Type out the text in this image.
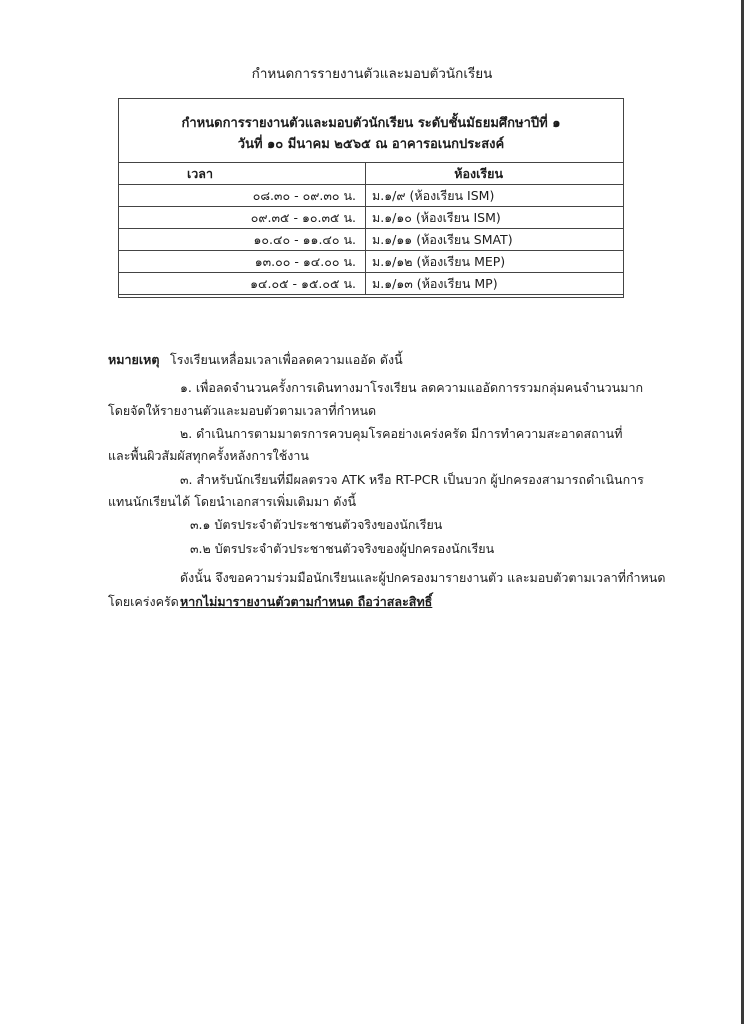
กำหนดการรายงานตัวและมอบตัวนักเรียน
กำหนดการรายงานตัวและมอบตัวนักเรียน ระดับชั้นมัธยมศึกษาปีที่ ๑
วันที่ ๑๐ มีนาคม ๒๕๖๕ ณ อาคารอเนกประสงค์
เวลา	ห้องเรียน
๐๘.๓๐ - ๐๙.๓๐ น.	ม.๑/๙ (ห้องเรียน ISM)
๐๙.๓๕ - ๑๐.๓๕ น.	ม.๑/๑๐ (ห้องเรียน ISM)
๑๐.๔๐ - ๑๑.๔๐ น.	ม.๑/๑๑ (ห้องเรียน SMAT)
๑๓.๐๐ - ๑๔.๐๐ น.	ม.๑/๑๒ (ห้องเรียน MEP)
๑๔.๐๕ - ๑๕.๐๕ น.	ม.๑/๑๓ (ห้องเรียน MP)
หมายเหตุ โรงเรียนเหลื่อมเวลาเพื่อลดความแออัด ดังนี้
๑. เพื่อลดจำนวนครั้งการเดินทางมาโรงเรียน ลดความแออัดการรวมกลุ่มคนจำนวนมาก
โดยจัดให้รายงานตัวและมอบตัวตามเวลาที่กำหนด
๒. ดำเนินการตามมาตรการควบคุมโรคอย่างเคร่งครัด มีการทำความสะอาดสถานที่
และพื้นผิวสัมผัสทุกครั้งหลังการใช้งาน
๓. สำหรับนักเรียนที่มีผลตรวจ ATK หรือ RT-PCR เป็นบวก ผู้ปกครองสามารถดำเนินการ
แทนนักเรียนได้ โดยนำเอกสารเพิ่มเติมมา ดังนี้
๓.๑ บัตรประจำตัวประชาชนตัวจริงของนักเรียน
๓.๒ บัตรประจำตัวประชาชนตัวจริงของผู้ปกครองนักเรียน
ดังนั้น จึงขอความร่วมมือนักเรียนและผู้ปกครองมารายงานตัว และมอบตัวตามเวลาที่กำหนด
โดยเคร่งครัด หากไม่มารายงานตัวตามกำหนด ถือว่าสละสิทธิ์
